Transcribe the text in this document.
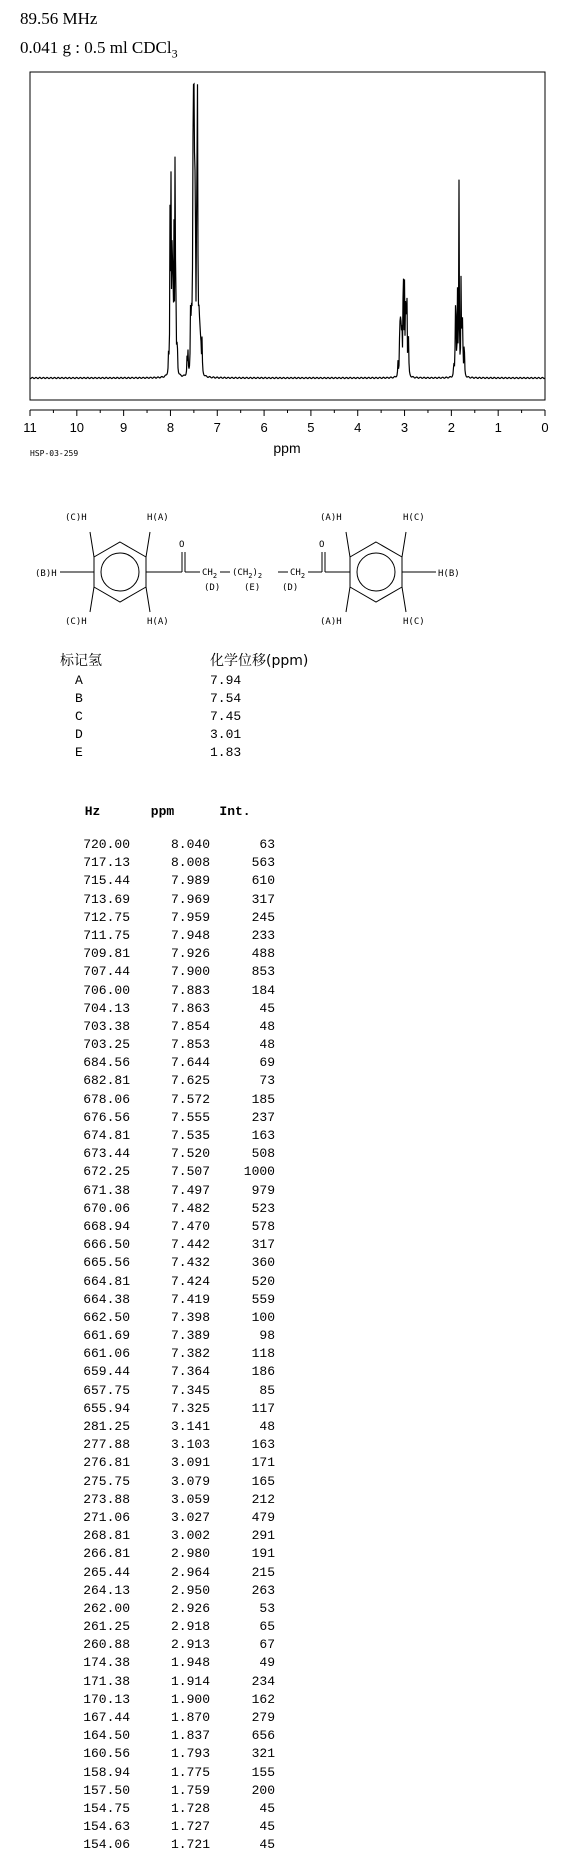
89.56 MHz
0.041 g : 0.5 ml CDCl$_3$
11	10	9	8	7	6	5	4	3	2	1	0
ppm
HSP-03-259
(C)H	H(A)
(B)H
(C)H	H(A)
O
$CH_2$ $(CH_2)_2$	$CH_2$
(D)	(E) (D)
O
(A)H	H(C)
H(B)
(A)H	H(C)
标记氢	化学位移(ppm)
A	7.94
B	7.54
C	7.45
D	3.01
E	1.83
Hz	ppm	Int.
720.00	8.040	63
717.13	8.008	563
715.44	7.989	610
713.69	7.969	317
712.75	7.959	245
711.75	7.948	233
709.81	7.926	488
707.44	7.900	853
706.00	7.883	184
704.13	7.863	45
703.38	7.854	48
703.25	7.853	48
684.56	7.644	69
682.81	7.625	73
678.06	7.572	185
676.56	7.555	237
674.81	7.535	163
673.44	7.520	508
672.25	7.507	1000
671.38	7.497	979
670.06	7.482	523
668.94	7.470	578
666.50	7.442	317
665.56	7.432	360
664.81	7.424	520
664.38	7.419	559
662.50	7.398	100
661.69	7.389	98
661.06	7.382	118
659.44	7.364	186
657.75	7.345	85
655.94	7.325	117
281.25	3.141	48
277.88	3.103	163
276.81	3.091	171
275.75	3.079	165
273.88	3.059	212
271.06	3.027	479
268.81	3.002	291
266.81	2.980	191
265.44	2.964	215
264.13	2.950	263
262.00	2.926	53
261.25	2.918	65
260.88	2.913	67
174.38	1.948	49
171.38	1.914	234
170.13	1.900	162
167.44	1.870	279
164.50	1.837	656
160.56	1.793	321
158.94	1.775	155
157.50	1.759	200
154.75	1.728	45
154.63	1.727	45
154.06	1.721	45
